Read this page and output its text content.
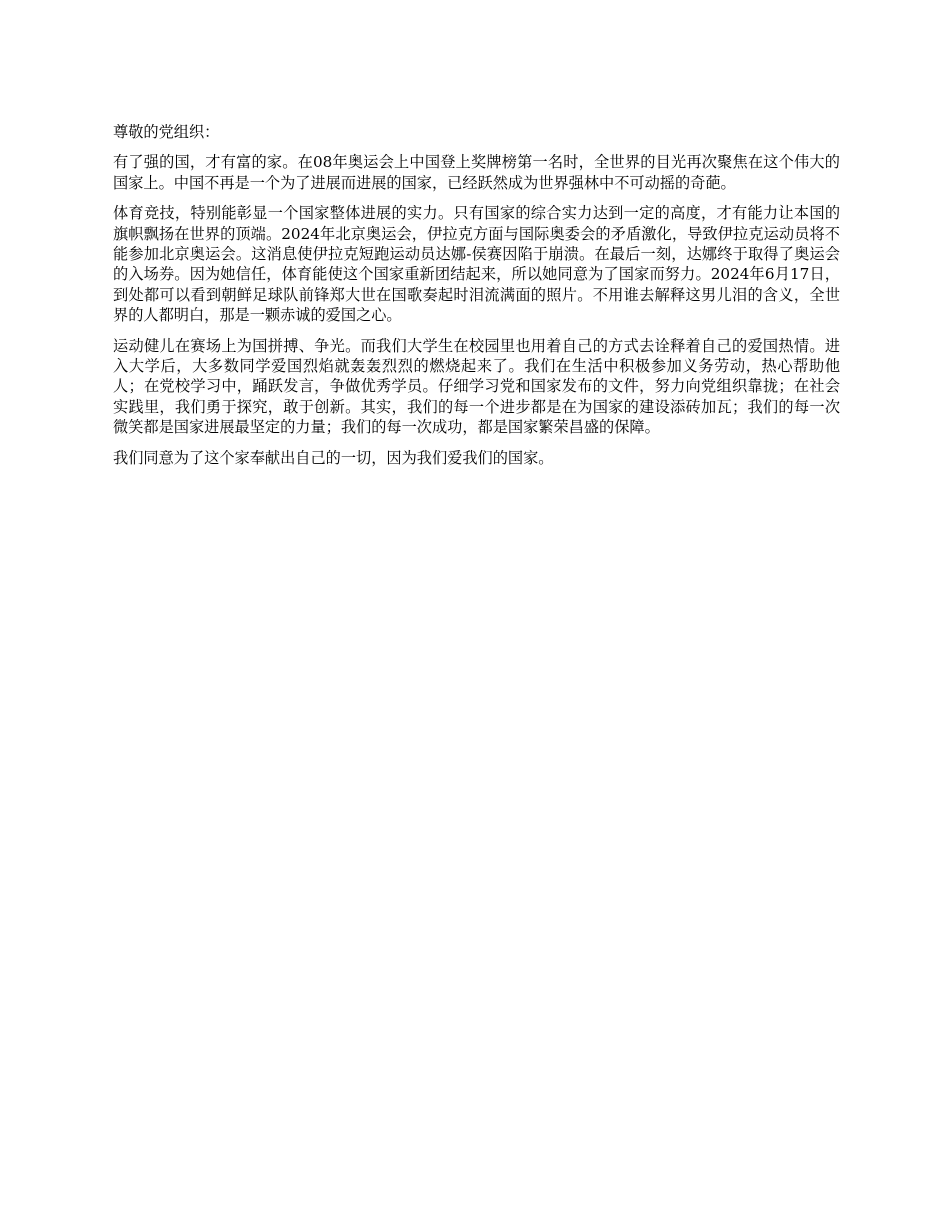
尊敬的党组织：

有了强的国，才有富的家。在08年奥运会上中国登上奖牌榜第一名时，全世界的目光再次聚焦在这个伟大的国家上。中国不再是一个为了进展而进展的国家，已经跃然成为世界强林中不可动摇的奇葩。

体育竞技，特别能彰显一个国家整体进展的实力。只有国家的综合实力达到一定的高度，才有能力让本国的旗帜飘扬在世界的顶端。2024年北京奥运会，伊拉克方面与国际奥委会的矛盾激化，导致伊拉克运动员将不能参加北京奥运会。这消息使伊拉克短跑运动员达娜-侯赛因陷于崩溃。在最后一刻，达娜终于取得了奥运会的入场券。因为她信任，体育能使这个国家重新团结起来，所以她同意为了国家而努力。2024年6月17日，到处都可以看到朝鲜足球队前锋郑大世在国歌奏起时泪流满面的照片。不用谁去解释这男儿泪的含义，全世界的人都明白，那是一颗赤诚的爱国之心。

运动健儿在赛场上为国拼搏、争光。而我们大学生在校园里也用着自己的方式去诠释着自己的爱国热情。进入大学后，大多数同学爱国烈焰就轰轰烈烈的燃烧起来了。我们在生活中积极参加义务劳动，热心帮助他人；在党校学习中，踊跃发言，争做优秀学员。仔细学习党和国家发布的文件，努力向党组织靠拢；在社会实践里，我们勇于探究，敢于创新。其实，我们的每一个进步都是在为国家的建设添砖加瓦；我们的每一次微笑都是国家进展最坚定的力量；我们的每一次成功，都是国家繁荣昌盛的保障。

我们同意为了这个家奉献出自己的一切，因为我们爱我们的国家。
